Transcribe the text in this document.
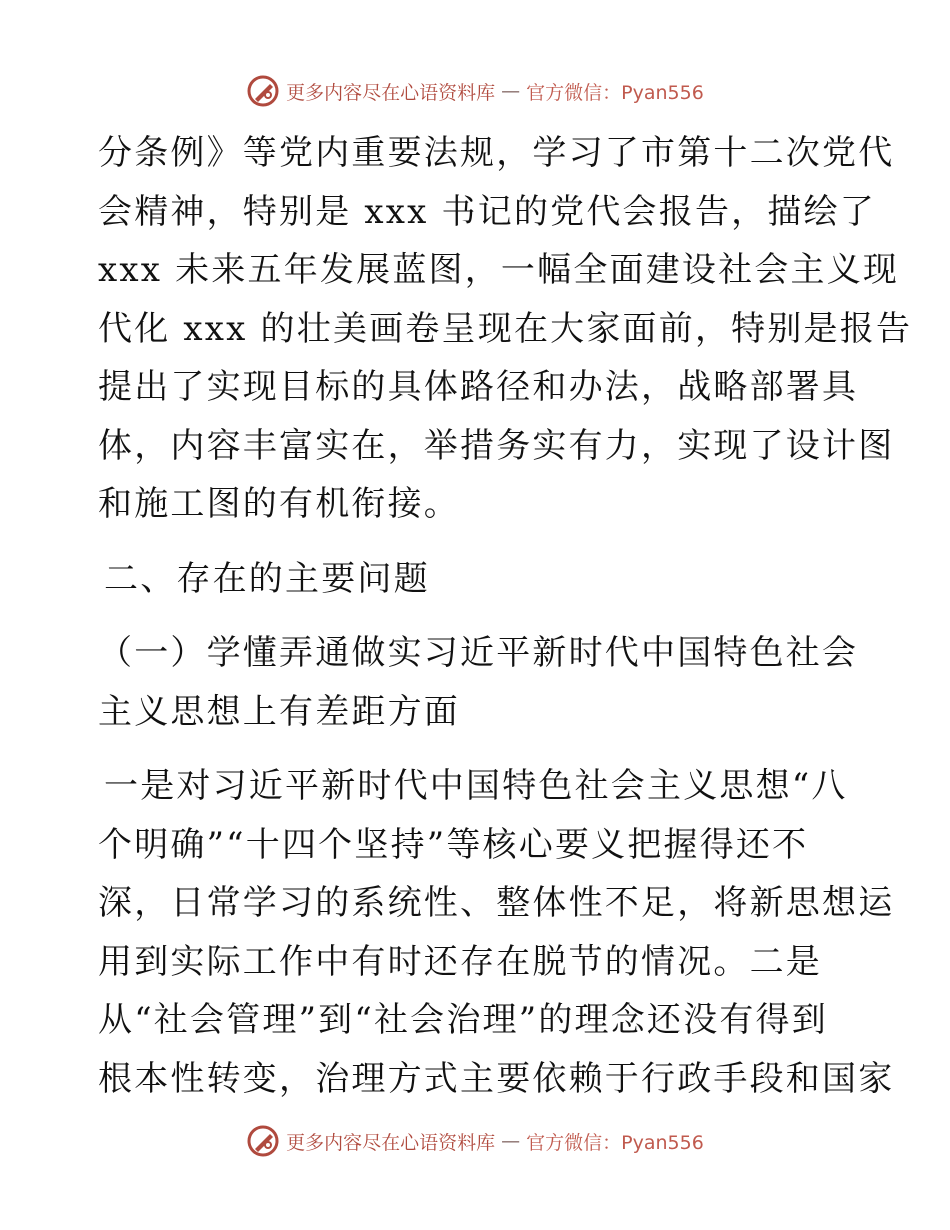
更多内容尽在心语资料库 — 官方微信：Pyan556
分条例》等党内重要法规，学习了市第十二次党代
会精神，特别是 xxx 书记的党代会报告，描绘了
xxx 未来五年发展蓝图，一幅全面建设社会主义现
代化 xxx 的壮美画卷呈现在大家面前，特别是报告
提出了实现目标的具体路径和办法，战略部署具
体，内容丰富实在，举措务实有力，实现了设计图
和施工图的有机衔接。
二、存在的主要问题
（一）学懂弄通做实习近平新时代中国特色社会
主义思想上有差距方面
一是对习近平新时代中国特色社会主义思想“八
个明确”“十四个坚持”等核心要义把握得还不
深，日常学习的系统性、整体性不足，将新思想运
用到实际工作中有时还存在脱节的情况。二是
从“社会管理”到“社会治理”的理念还没有得到
根本性转变，治理方式主要依赖于行政手段和国家
更多内容尽在心语资料库 — 官方微信：Pyan556
